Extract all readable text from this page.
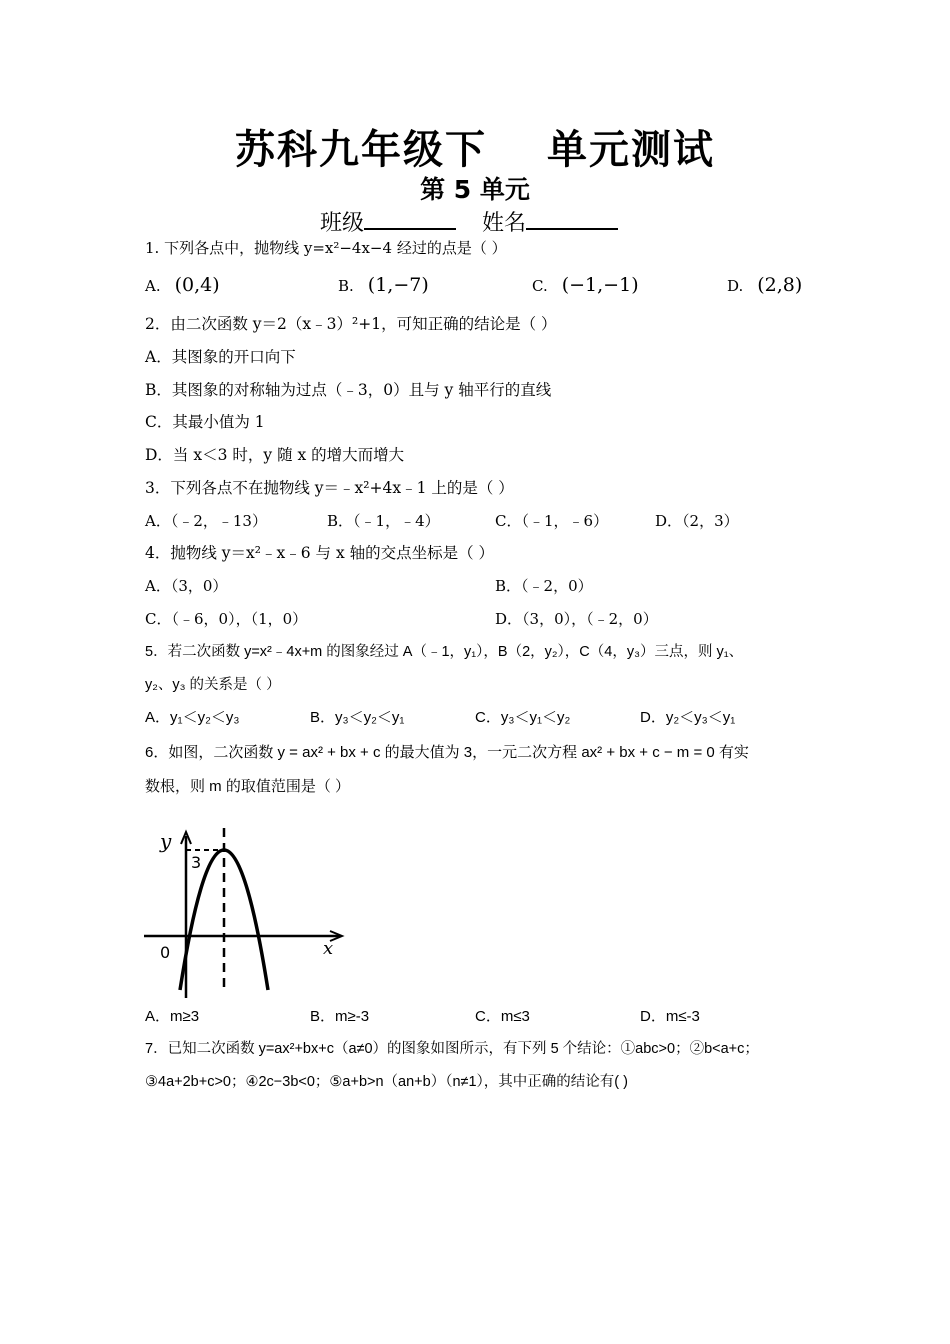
苏科九年级下 单元测试
第 5 单元
班级	姓名
1. 下列各点中，抛物线 y=x²−4x−4 经过的点是（ ）
A. (0,4)	B. (1,−7)	C. (−1,−1)	D. (2,8)
2．由二次函数 y＝2（x﹣3）²+1，可知正确的结论是（ ）
A．其图象的开口向下
B．其图象的对称轴为过点（﹣3，0）且与 y 轴平行的直线
C．其最小值为 1
D．当 x＜3 时，y 随 x 的增大而增大
3．下列各点不在抛物线 y＝﹣x²+4x﹣1 上的是（ ）
A．（﹣2，﹣13）	B．（﹣1，﹣4）	C．（﹣1，﹣6）	D．（2，3）
4．抛物线 y＝x²﹣x﹣6 与 x 轴的交点坐标是（ ）
A．（3，0）	B．（﹣2，0）
C．（﹣6，0），（1，0）	D．（3，0），（﹣2，0）
5．若二次函数 y=x²﹣4x+m 的图象经过 A（﹣1，y₁），B（2，y₂），C（4，y₃）三点，则 y₁、
y₂、y₃ 的关系是（ ）
A．y₁＜y₂＜y₃	B．y₃＜y₂＜y₁	C．y₃＜y₁＜y₂	D．y₂＜y₃＜y₁
6．如图，二次函数 y = ax² + bx + c 的最大值为 3，一元二次方程 ax² + bx + c − m = 0 有实
数根，则 m 的取值范围是（ ）
y
x
0
3
A．m≥3	B．m≥-3	C．m≤3	D．m≤-3
7．已知二次函数 y=ax²+bx+c（a≠0）的图象如图所示，有下列 5 个结论：①abc>0；②b<a+c；
③4a+2b+c>0；④2c−3b<0；⑤a+b>n（an+b）（n≠1），其中正确的结论有( )
